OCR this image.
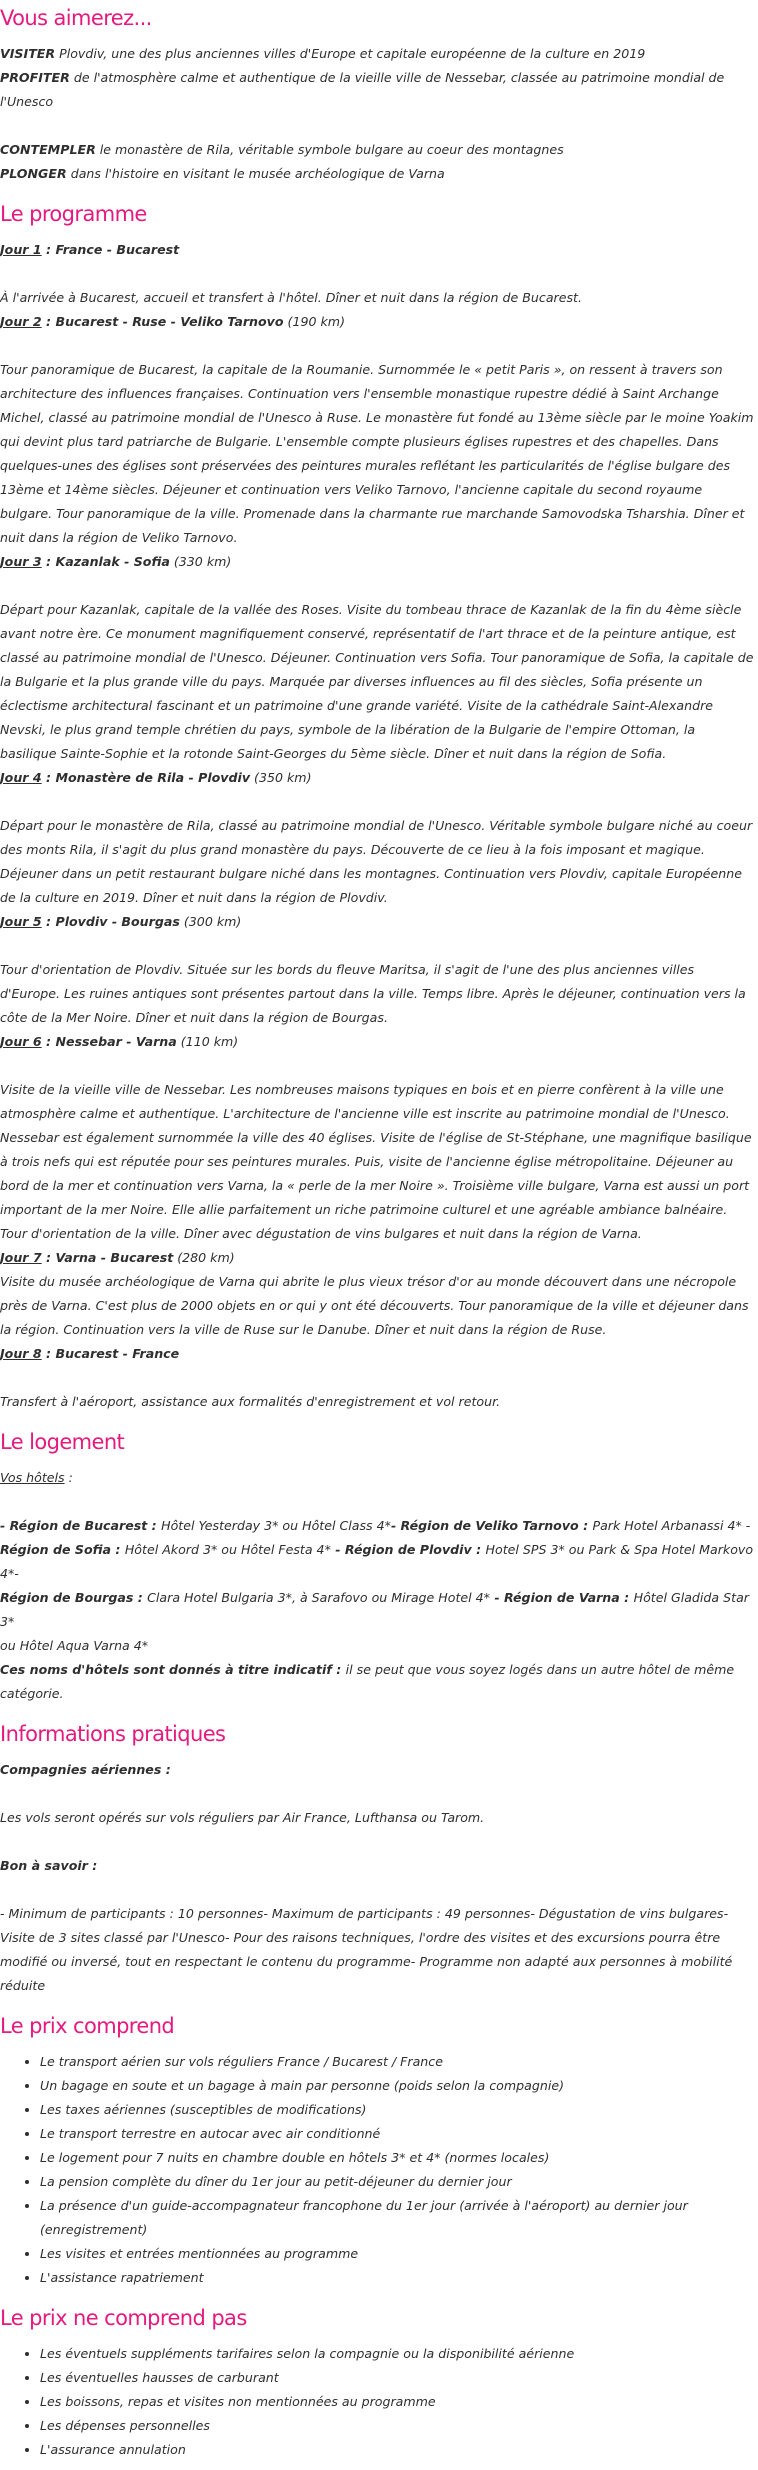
Vous aimerez...

VISITER Plovdiv, une des plus anciennes villes d'Europe et capitale européenne de la culture en 2019

PROFITER de l'atmosphère calme et authentique de la vieille ville de Nessebar, classée au patrimoine mondial de l'Unesco

CONTEMPLER le monastère de Rila, véritable symbole bulgare au coeur des montagnes

PLONGER dans l'histoire en visitant le musée archéologique de Varna

Le programme

Jour 1 : France - Bucarest

À l'arrivée à Bucarest, accueil et transfert à l'hôtel. Dîner et nuit dans la région de Bucarest.

Jour 2 : Bucarest - Ruse - Veliko Tarnovo (190 km)

Tour panoramique de Bucarest, la capitale de la Roumanie. Surnommée le « petit Paris », on ressent à travers son architecture des influences françaises. Continuation vers l'ensemble monastique rupestre dédié à Saint Archange Michel, classé au patrimoine mondial de l'Unesco à Ruse. Le monastère fut fondé au 13ème siècle par le moine Yoakim qui devint plus tard patriarche de Bulgarie. L'ensemble compte plusieurs églises rupestres et des chapelles. Dans quelques-unes des églises sont préservées des peintures murales reflétant les particularités de l'église bulgare des 13ème et 14ème siècles. Déjeuner et continuation vers Veliko Tarnovo, l'ancienne capitale du second royaume bulgare. Tour panoramique de la ville. Promenade dans la charmante rue marchande Samovodska Tsharshia. Dîner et nuit dans la région de Veliko Tarnovo.

Jour 3 : Kazanlak - Sofia (330 km)

Départ pour Kazanlak, capitale de la vallée des Roses. Visite du tombeau thrace de Kazanlak de la fin du 4ème siècle avant notre ère. Ce monument magnifiquement conservé, représentatif de l'art thrace et de la peinture antique, est classé au patrimoine mondial de l'Unesco. Déjeuner. Continuation vers Sofia. Tour panoramique de Sofia, la capitale de la Bulgarie et la plus grande ville du pays. Marquée par diverses influences au fil des siècles, Sofia présente un éclectisme architectural fascinant et un patrimoine d'une grande variété. Visite de la cathédrale Saint-Alexandre Nevski, le plus grand temple chrétien du pays, symbole de la libération de la Bulgarie de l'empire Ottoman, la basilique Sainte-Sophie et la rotonde Saint-Georges du 5ème siècle. Dîner et nuit dans la région de Sofia.

Jour 4 : Monastère de Rila - Plovdiv (350 km)

Départ pour le monastère de Rila, classé au patrimoine mondial de l'Unesco. Véritable symbole bulgare niché au coeur des monts Rila, il s'agit du plus grand monastère du pays. Découverte de ce lieu à la fois imposant et magique. Déjeuner dans un petit restaurant bulgare niché dans les montagnes. Continuation vers Plovdiv, capitale Européenne de la culture en 2019. Dîner et nuit dans la région de Plovdiv.

Jour 5 : Plovdiv - Bourgas (300 km)

Tour d'orientation de Plovdiv. Située sur les bords du fleuve Maritsa, il s'agit de l'une des plus anciennes villes d'Europe. Les ruines antiques sont présentes partout dans la ville. Temps libre. Après le déjeuner, continuation vers la côte de la Mer Noire. Dîner et nuit dans la région de Bourgas.

Jour 6 : Nessebar - Varna (110 km)

Visite de la vieille ville de Nessebar. Les nombreuses maisons typiques en bois et en pierre confèrent à la ville une atmosphère calme et authentique. L'architecture de l'ancienne ville est inscrite au patrimoine mondial de l'Unesco. Nessebar est également surnommée la ville des 40 églises. Visite de l'église de St-Stéphane, une magnifique basilique à trois nefs qui est réputée pour ses peintures murales. Puis, visite de l'ancienne église métropolitaine. Déjeuner au bord de la mer et continuation vers Varna, la « perle de la mer Noire ». Troisième ville bulgare, Varna est aussi un port important de la mer Noire. Elle allie parfaitement un riche patrimoine culturel et une agréable ambiance balnéaire. Tour d'orientation de la ville. Dîner avec dégustation de vins bulgares et nuit dans la région de Varna.

Jour 7 : Varna - Bucarest (280 km)

Visite du musée archéologique de Varna qui abrite le plus vieux trésor d'or au monde découvert dans une nécropole près de Varna. C'est plus de 2000 objets en or qui y ont été découverts. Tour panoramique de la ville et déjeuner dans la région. Continuation vers la ville de Ruse sur le Danube. Dîner et nuit dans la région de Ruse.

Jour 8 : Bucarest - France

Transfert à l'aéroport, assistance aux formalités d'enregistrement et vol retour.

Le logement

Vos hôtels :

- Région de Bucarest : Hôtel Yesterday 3* ou Hôtel Class 4*- Région de Veliko Tarnovo : Park Hotel Arbanassi 4* -

Région de Sofia : Hôtel Akord 3* ou Hôtel Festa 4* - Région de Plovdiv : Hotel SPS 3* ou Park & Spa Hotel Markovo 4*-

Région de Bourgas : Clara Hotel Bulgaria 3*, à Sarafovo ou Mirage Hotel 4* - Région de Varna : Hôtel Gladida Star 3*

ou Hôtel Aqua Varna 4*

Ces noms d'hôtels sont donnés à titre indicatif : il se peut que vous soyez logés dans un autre hôtel de même catégorie.

Informations pratiques

Compagnies aériennes :

Les vols seront opérés sur vols réguliers par Air France, Lufthansa ou Tarom.

Bon à savoir :

- Minimum de participants : 10 personnes- Maximum de participants : 49 personnes- Dégustation de vins bulgares- Visite de 3 sites classé par l'Unesco- Pour des raisons techniques, l'ordre des visites et des excursions pourra être modifié ou inversé, tout en respectant le contenu du programme- Programme non adapté aux personnes à mobilité réduite

Le prix comprend
• Le transport aérien sur vols réguliers France / Bucarest / France
• Un bagage en soute et un bagage à main par personne (poids selon la compagnie)
• Les taxes aériennes (susceptibles de modifications)
• Le transport terrestre en autocar avec air conditionné
• Le logement pour 7 nuits en chambre double en hôtels 3* et 4* (normes locales)
• La pension complète du dîner du 1er jour au petit-déjeuner du dernier jour
• La présence d'un guide-accompagnateur francophone du 1er jour (arrivée à l'aéroport) au dernier jour (enregistrement)
• Les visites et entrées mentionnées au programme
• L'assistance rapatriement
Le prix ne comprend pas
• Les éventuels suppléments tarifaires selon la compagnie ou la disponibilité aérienne
• Les éventuelles hausses de carburant
• Les boissons, repas et visites non mentionnées au programme
• Les dépenses personnelles
• L'assurance annulation
